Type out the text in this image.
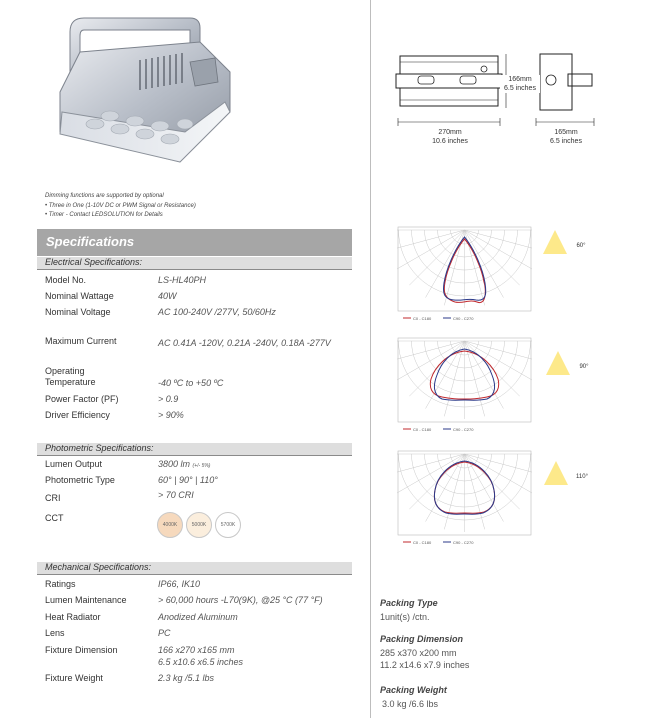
166mm
6.5 inches
270mm
10.6 inches
165mm
6.5 inches
Dimming functions are supported by optional
• Three in One (1-10V DC or PWM Signal or Resistance)
• Timer - Contact LEDSOLUTION for Details
Specifications
Electrical Specifications:
Model No.	LS-HL40PH
Nominal Wattage	40W
Nominal Voltage	AC 100-240V /277V, 50/60Hz
Maximum Current	AC 0.41A -120V, 0.21A -240V, 0.18A -277V
Operating
Temperature	-40 ºC to +50 ºC
Power Factor (PF)	> 0.9
Driver Efficiency	> 90%
Photometric Specifications:
Lumen Output	3800 lm (+/- 5%)
Photometric Type	60° | 90° | 110°
CRI	> 70 CRI
CCT
4000K	5000K	5700K
Mechanical Specifications:
Ratings	IP66, IK10
Lumen Maintenance	> 60,000 hours -L70(9K), @25 °C (77 °F)
Heat Radiator	Anodized Aluminum
Lens	PC
Fixture Dimension	166 x270 x165 mm
6.5 x10.6 x6.5 inches
Fixture Weight	2.3 kg /5.1 lbs
C0 - C180	C90 - C270
60°
C0 - C180	C90 - C270
90°
C0 - C180	C90 - C270
110°
Packing Type
1unit(s) /ctn.
Packing Dimension
285 x370 x200 mm
11.2 x14.6 x7.9 inches
Packing Weight
3.0 kg /6.6 lbs
